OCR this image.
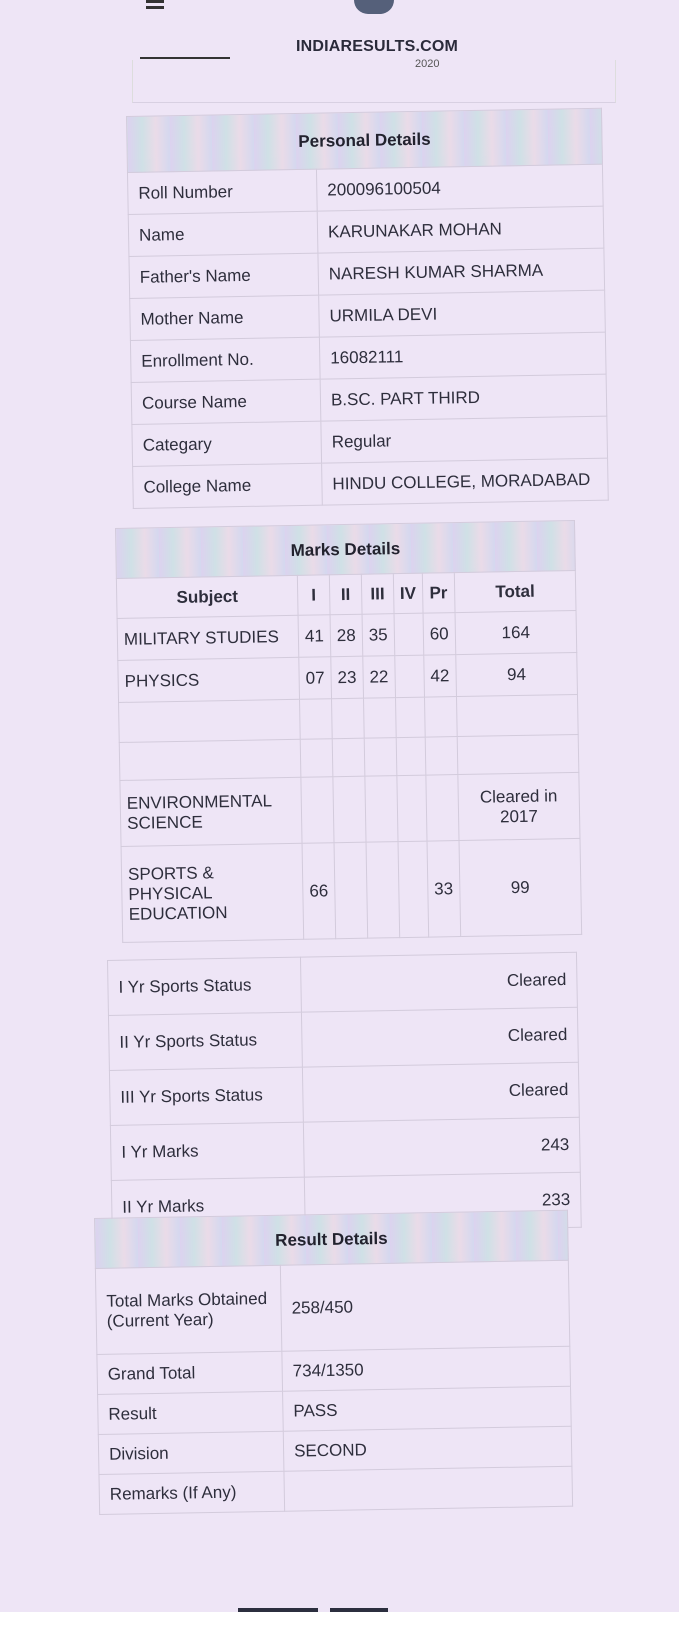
INDIARESULTS.COM
2020
Personal Details	
Roll Number	200096100504
Name	KARUNAKAR MOHAN
Father's Name	NARESH KUMAR SHARMA
Mother Name	URMILA DEVI
Enrollment No.	16082111
Course Name	B.SC. PART THIRD
Categary	Regular
College Name	HINDU COLLEGE, MORADABAD
Marks Details						
Subject	I	II	III	IV	Pr	Total
MILITARY STUDIES	41	28	35		60	164
PHYSICS	07	23	22		42	94

ENVIRONMENTAL SCIENCE						Cleared in 2017
SPORTS & PHYSICAL EDUCATION	66				33	99
I Yr Sports Status	Cleared
II Yr Sports Status	Cleared
III Yr Sports Status	Cleared
I Yr Marks	243
II Yr Marks	233
Result Details	
Total Marks Obtained (Current Year)	258/450
Grand Total	734/1350
Result	PASS
Division	SECOND
Remarks (If Any)	
